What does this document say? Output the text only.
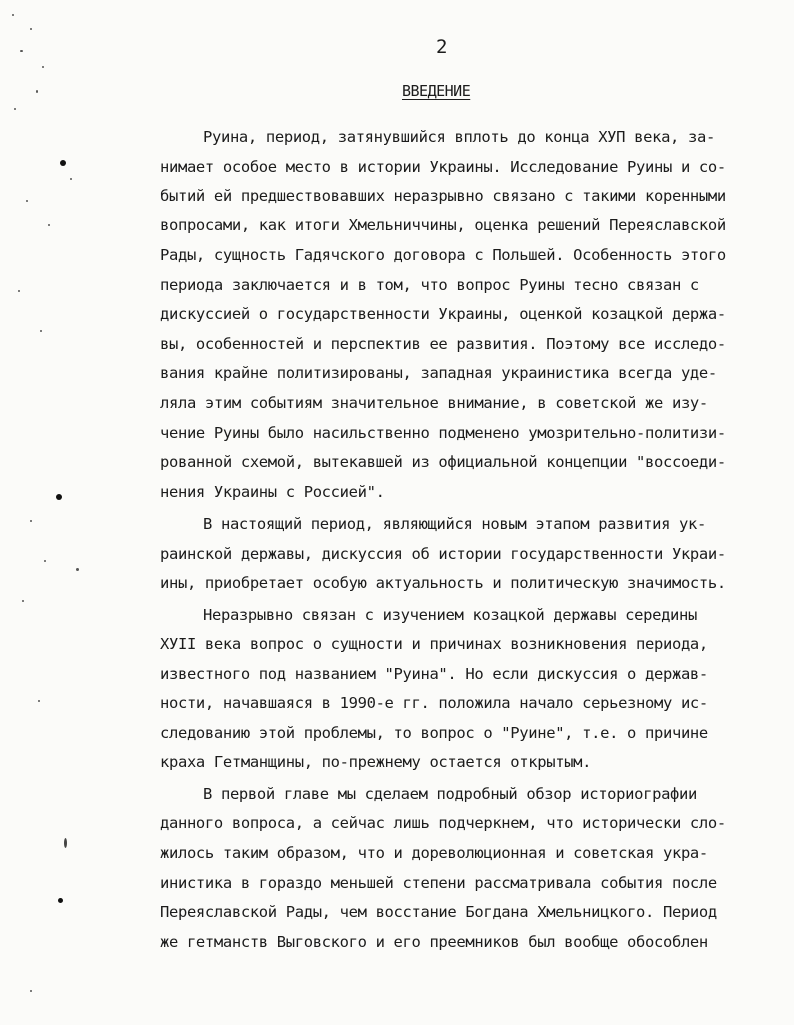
2
ВВЕДЕНИЕ
Руина, период, затянувшийся вплоть до конца ХУП века, за-
нимает особое место в истории Украины. Исследование Руины и со-
бытий ей предшествовавших неразрывно связано с такими коренными
вопросами, как итоги Хмельниччины, оценка решений Переяславской
Рады, сущность Гадячского договора с Польшей. Особенность этого
периода заключается и в том, что вопрос Руины тесно связан с
дискуссией о государственности Украины, оценкой козацкой держа-
вы, особенностей и перспектив ее развития. Поэтому все исследо-
вания крайне политизированы, западная украинистика всегда уде-
ляла этим событиям значительное внимание, в советской же изу-
чение Руины было насильственно подменено умозрительно-политизи-
рованной схемой, вытекавшей из официальной концепции "воссоеди-
нения Украины с Россией".
В настоящий период, являющийся новым этапом развития ук-
раинской державы, дискуссия об истории государственности Украи-
ины, приобретает особую актуальность и политическую значимость.
Неразрывно связан с изучением козацкой державы середины
ХУII века вопрос о сущности и причинах возникновения периода,
известного под названием "Руина". Но если дискуссия о держав-
ности, начавшаяся в 1990-е гг. положила начало серьезному ис-
следованию этой проблемы, то вопрос о "Руине", т.е. о причине
краха Гетманщины, по-прежнему остается открытым.
В первой главе мы сделаем подробный обзор историографии
данного вопроса, а сейчас лишь подчеркнем, что исторически сло-
жилось таким образом, что и дореволюционная и советская укра-
инистика в гораздо меньшей степени рассматривала события после
Переяславской Рады, чем восстание Богдана Хмельницкого. Период
же гетманств Выговского и его преемников был вообще обособлен
